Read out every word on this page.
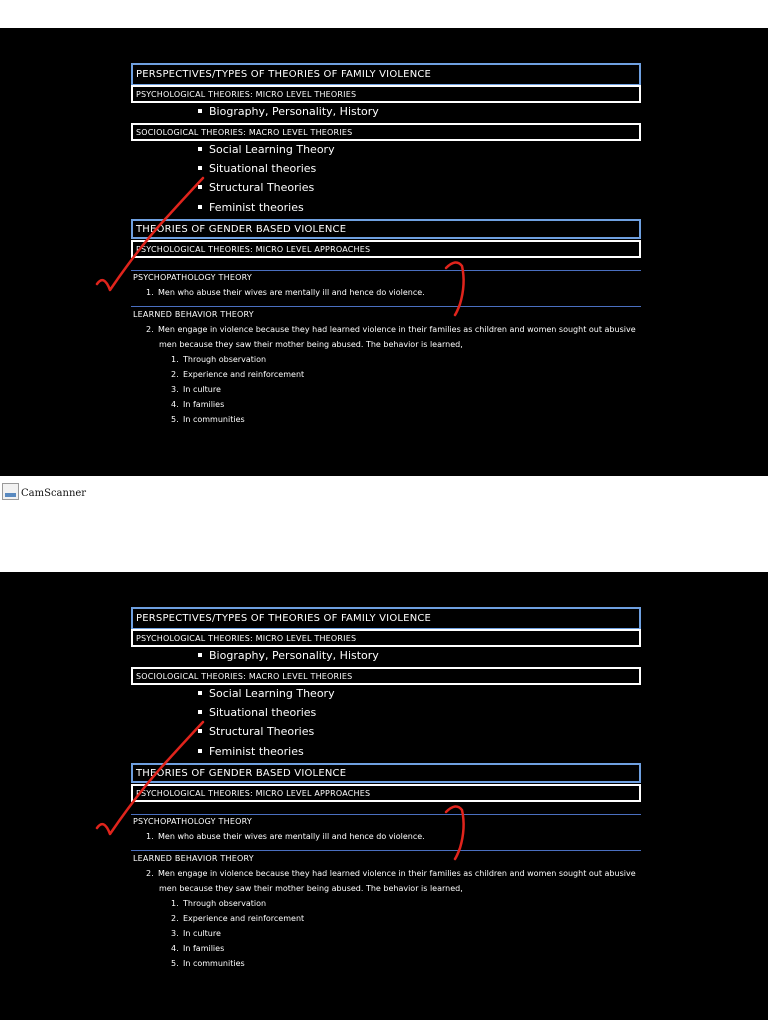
PERSPECTIVES/TYPES OF THEORIES OF FAMILY VIOLENCE
PSYCHOLOGICAL THEORIES: MICRO LEVEL THEORIES
Biography, Personality, History
SOCIOLOGICAL THEORIES: MACRO LEVEL THEORIES
Social Learning Theory
Situational theories
Structural Theories
Feminist theories
THEORIES OF GENDER BASED VIOLENCE
PSYCHOLOGICAL THEORIES: MICRO LEVEL APPROACHES
PSYCHOPATHOLOGY THEORY
1. Men who abuse their wives are mentally ill and hence do violence.
LEARNED BEHAVIOR THEORY
2. Men engage in violence because they had learned violence in their families as children and women sought out abusive
men because they saw their mother being abused. The behavior is learned,
1. Through observation
2. Experience and reinforcement
3. In culture
4. In families
5. In communities
CamScanner
PERSPECTIVES/TYPES OF THEORIES OF FAMILY VIOLENCE
PSYCHOLOGICAL THEORIES: MICRO LEVEL THEORIES
Biography, Personality, History
SOCIOLOGICAL THEORIES: MACRO LEVEL THEORIES
Social Learning Theory
Situational theories
Structural Theories
Feminist theories
THEORIES OF GENDER BASED VIOLENCE
PSYCHOLOGICAL THEORIES: MICRO LEVEL APPROACHES
PSYCHOPATHOLOGY THEORY
1. Men who abuse their wives are mentally ill and hence do violence.
LEARNED BEHAVIOR THEORY
2. Men engage in violence because they had learned violence in their families as children and women sought out abusive
men because they saw their mother being abused. The behavior is learned,
1. Through observation
2. Experience and reinforcement
3. In culture
4. In families
5. In communities
